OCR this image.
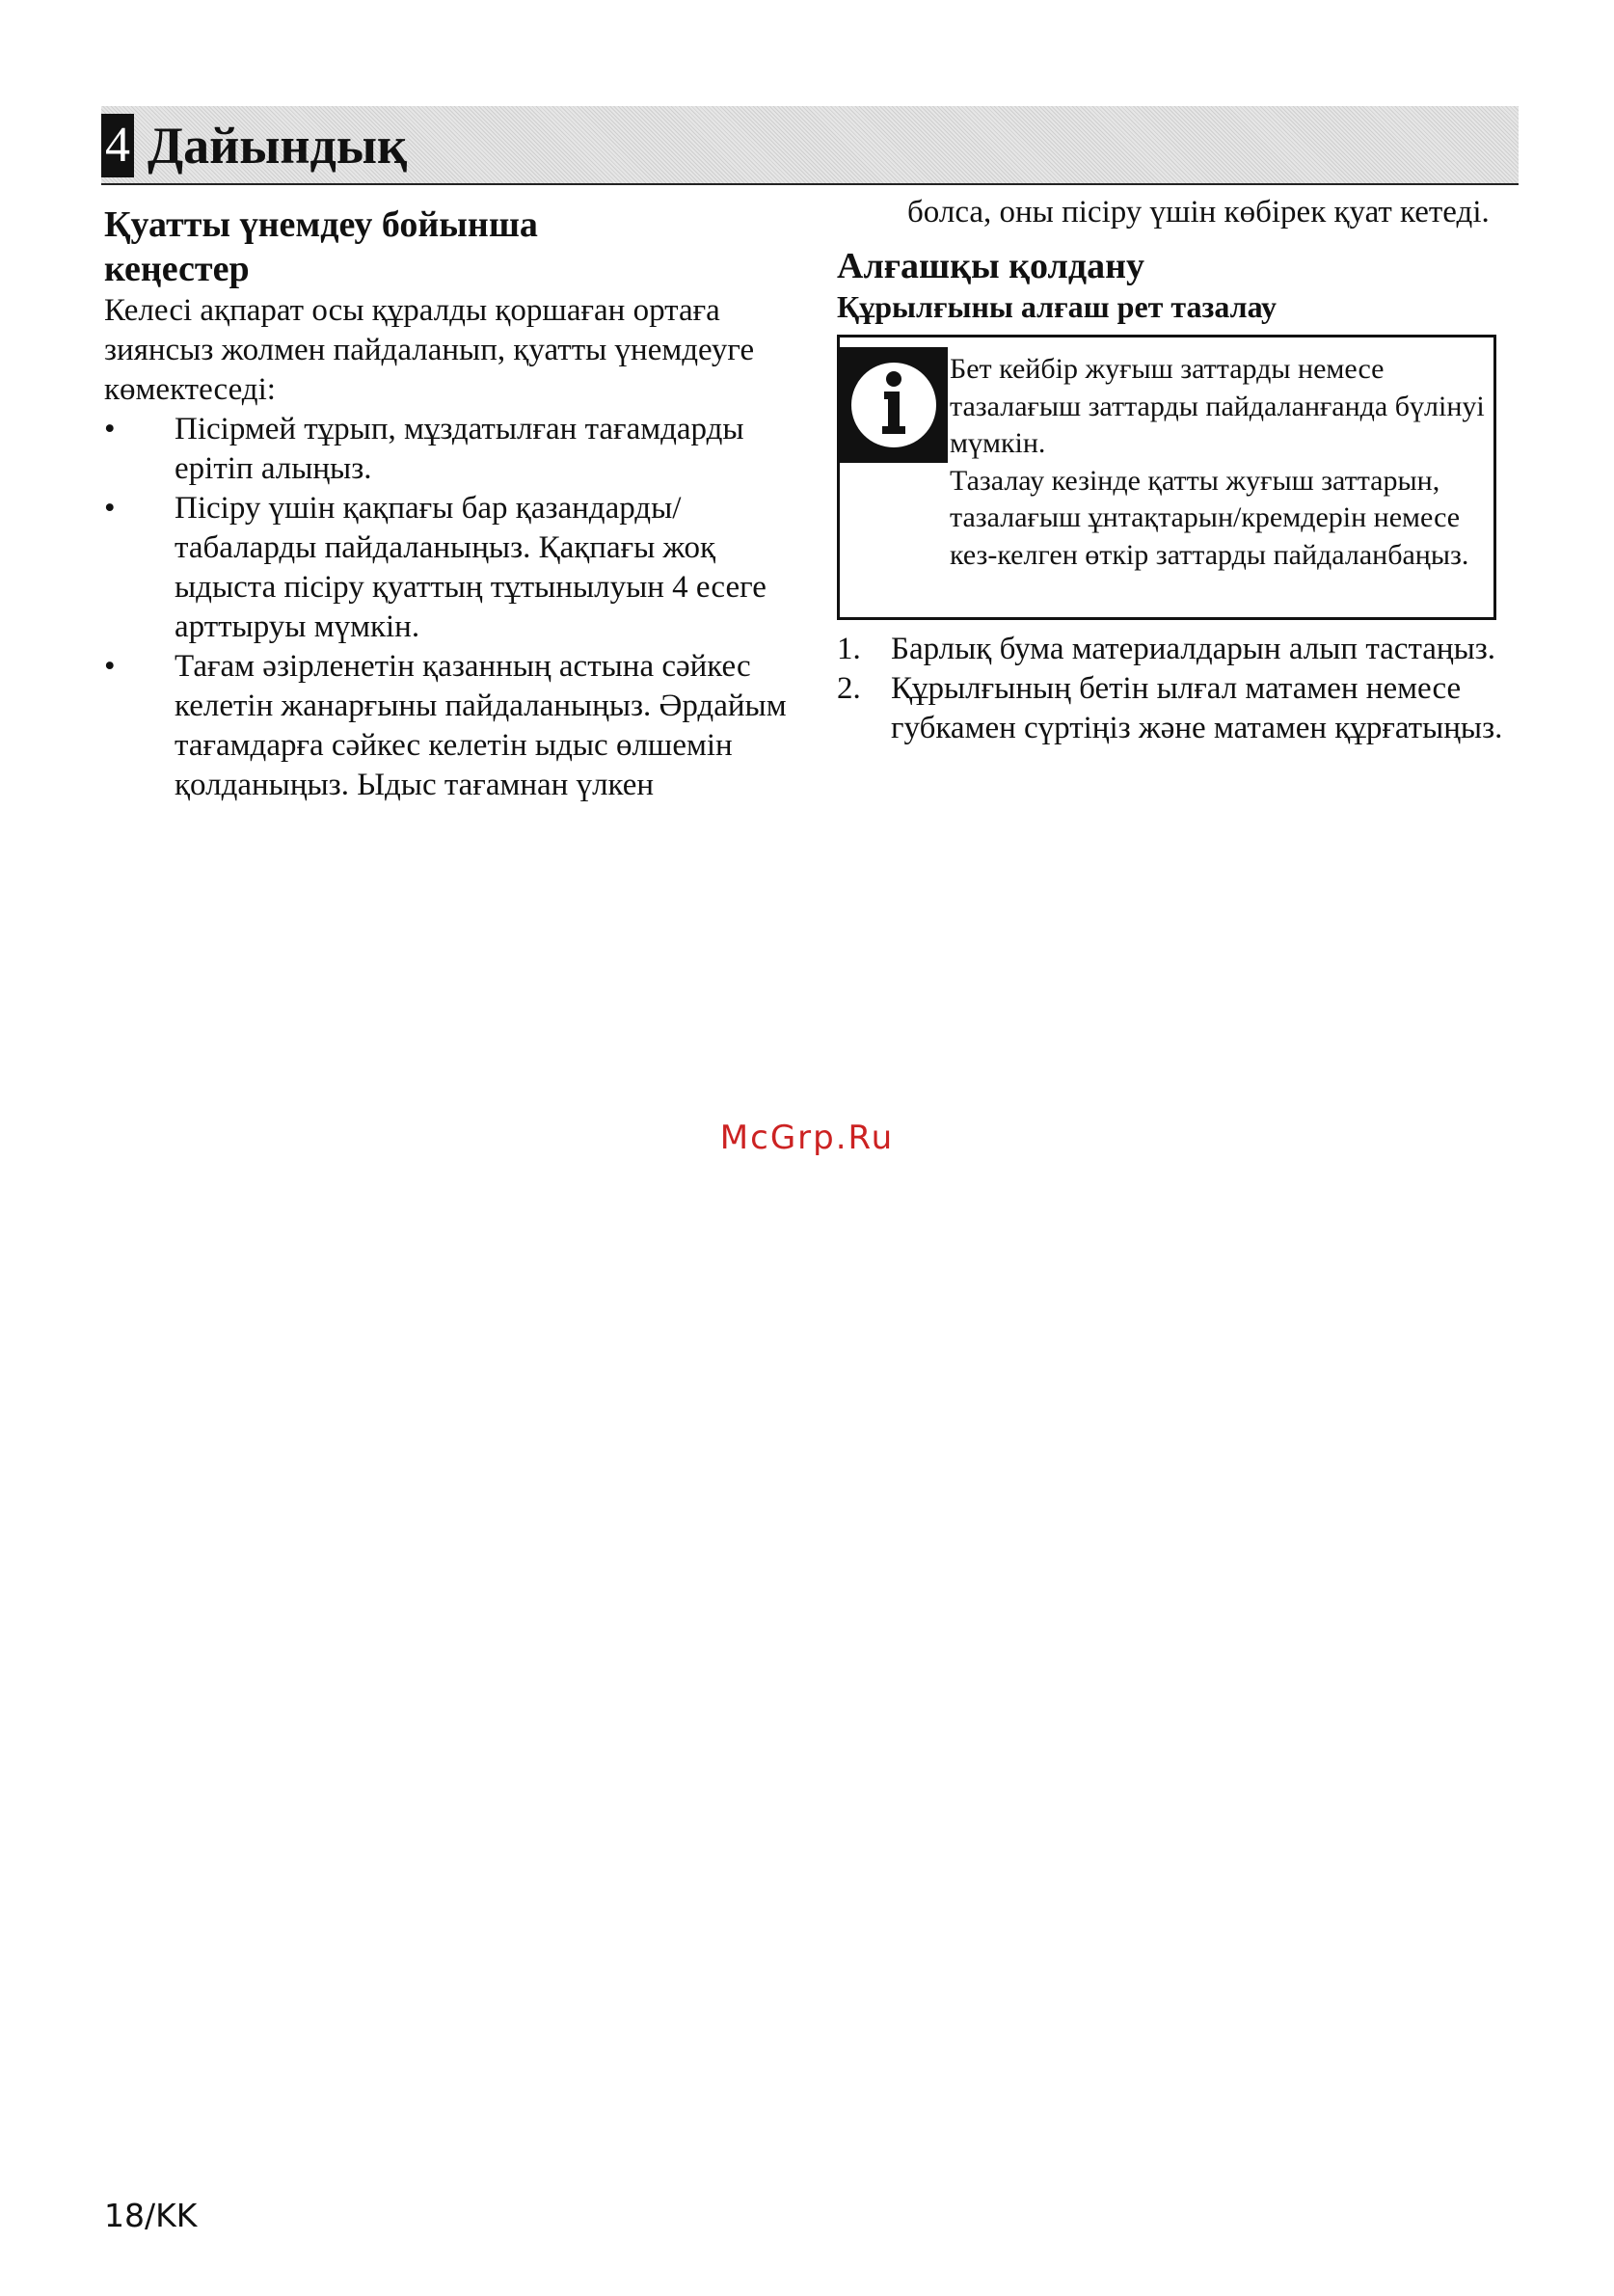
4 Дайындық
Қуатты үнемдеу бойынша
кеңестер

Келесі ақпарат осы құралды қоршаған ортаға зиянсыз жолмен пайдаланып, қуатты үнемдеуге көмектеседі:

• Пісірмей тұрып, мұздатылған тағамдарды ерітіп алыңыз.
• Пісіру үшін қақпағы бар қазандарды/табаларды пайдаланыңыз. Қақпағы жоқ ыдыста пісіру қуаттың тұтынылуын 4 есеге арттыруы мүмкін.
• Тағам әзірленетін қазанның астына сәйкес келетін жанарғыны пайдаланыңыз. Әрдайым тағамдарға сәйкес келетін ыдыс өлшемін қолданыңыз. Ыдыс тағамнан үлкен

болса, оны пісіру үшін көбірек қуат кетеді.

Алғашқы қолдану
Құрылғыны алғаш рет тазалау

Бет кейбір жуғыш заттарды немесе тазалағыш заттарды пайдаланғанда бүлінуі мүмкін.

Тазалау кезінде қатты жуғыш заттарын, тазалағыш ұнтақтарын/кремдерін немесе кез-келген өткір заттарды пайдаланбаңыз.

1. Барлық бума материалдарын алып тастаңыз.
2. Құрылғының бетін ылғал матамен немесе губкамен сүртіңіз және матамен құрғатыңыз.
McGrp.Ru
18/KK
